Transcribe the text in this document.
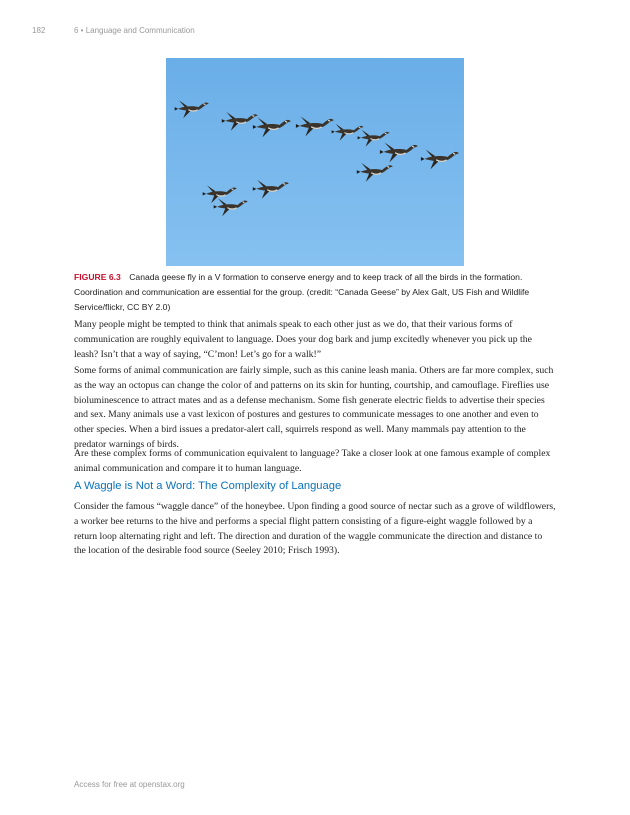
182	6 • Language and Communication
FIGURE 6.3 Canada geese fly in a V formation to conserve energy and to keep track of all the birds in the formation. Coordination and communication are essential for the group. (credit: “Canada Geese” by Alex Galt, US Fish and Wildlife Service/flickr, CC BY 2.0)

Many people might be tempted to think that animals speak to each other just as we do, that their various forms of communication are roughly equivalent to language. Does your dog bark and jump excitedly whenever you pick up the leash? Isn’t that a way of saying, “C’mon! Let’s go for a walk!”

Some forms of animal communication are fairly simple, such as this canine leash mania. Others are far more complex, such as the way an octopus can change the color of and patterns on its skin for hunting, courtship, and camouflage. Fireflies use bioluminescence to attract mates and as a defense mechanism. Some fish generate electric fields to advertise their species and sex. Many animals use a vast lexicon of postures and gestures to communicate messages to one another and even to other species. When a bird issues a predator-alert call, squirrels respond as well. Many mammals pay attention to the predator warnings of birds.

Are these complex forms of communication equivalent to language? Take a closer look at one famous example of complex animal communication and compare it to human language.

A Waggle is Not a Word: The Complexity of Language

Consider the famous “waggle dance” of the honeybee. Upon finding a good source of nectar such as a grove of wildflowers, a worker bee returns to the hive and performs a special flight pattern consisting of a figure-eight waggle followed by a return loop alternating right and left. The direction and duration of the waggle communicate the direction and distance to the location of the desirable food source (Seeley 2010; Frisch 1993).

Access for free at openstax.org
